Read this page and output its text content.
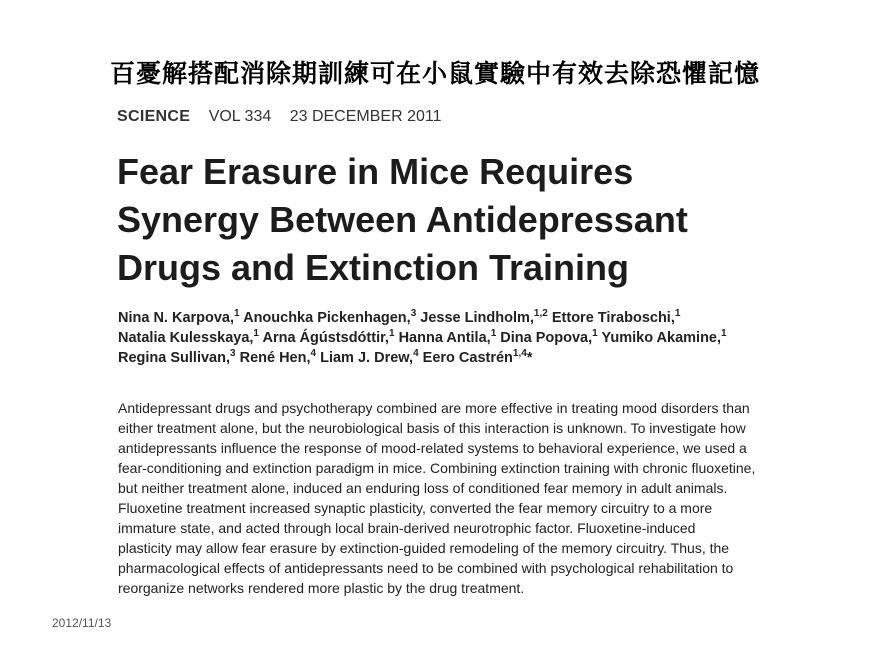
百憂解搭配消除期訓練可在小鼠實驗中有效去除恐懼記憶
SCIENCE VOL 334 23 DECEMBER 2011
Fear Erasure in Mice Requires
Synergy Between Antidepressant
Drugs and Extinction Training
Nina N. Karpova,$^1$ Anouchka Pickenhagen,$^3$ Jesse Lindholm,$^{1,2}$ Ettore Tiraboschi,$^1$
Natalia Kulesskaya,$^1$ Arna Ágústsdóttir,$^1$ Hanna Antila,$^1$ Dina Popova,$^1$ Yumiko Akamine,$^1$
Regina Sullivan,$^3$ René Hen,$^4$ Liam J. Drew,$^4$ Eero Castrén$^{1,4}$*
Antidepressant drugs and psychotherapy combined are more effective in treating mood disorders than
either treatment alone, but the neurobiological basis of this interaction is unknown. To investigate how
antidepressants influence the response of mood-related systems to behavioral experience, we used a
fear-conditioning and extinction paradigm in mice. Combining extinction training with chronic fluoxetine,
but neither treatment alone, induced an enduring loss of conditioned fear memory in adult animals.
Fluoxetine treatment increased synaptic plasticity, converted the fear memory circuitry to a more
immature state, and acted through local brain-derived neurotrophic factor. Fluoxetine-induced
plasticity may allow fear erasure by extinction-guided remodeling of the memory circuitry. Thus, the
pharmacological effects of antidepressants need to be combined with psychological rehabilitation to
reorganize networks rendered more plastic by the drug treatment.
2012/11/13
